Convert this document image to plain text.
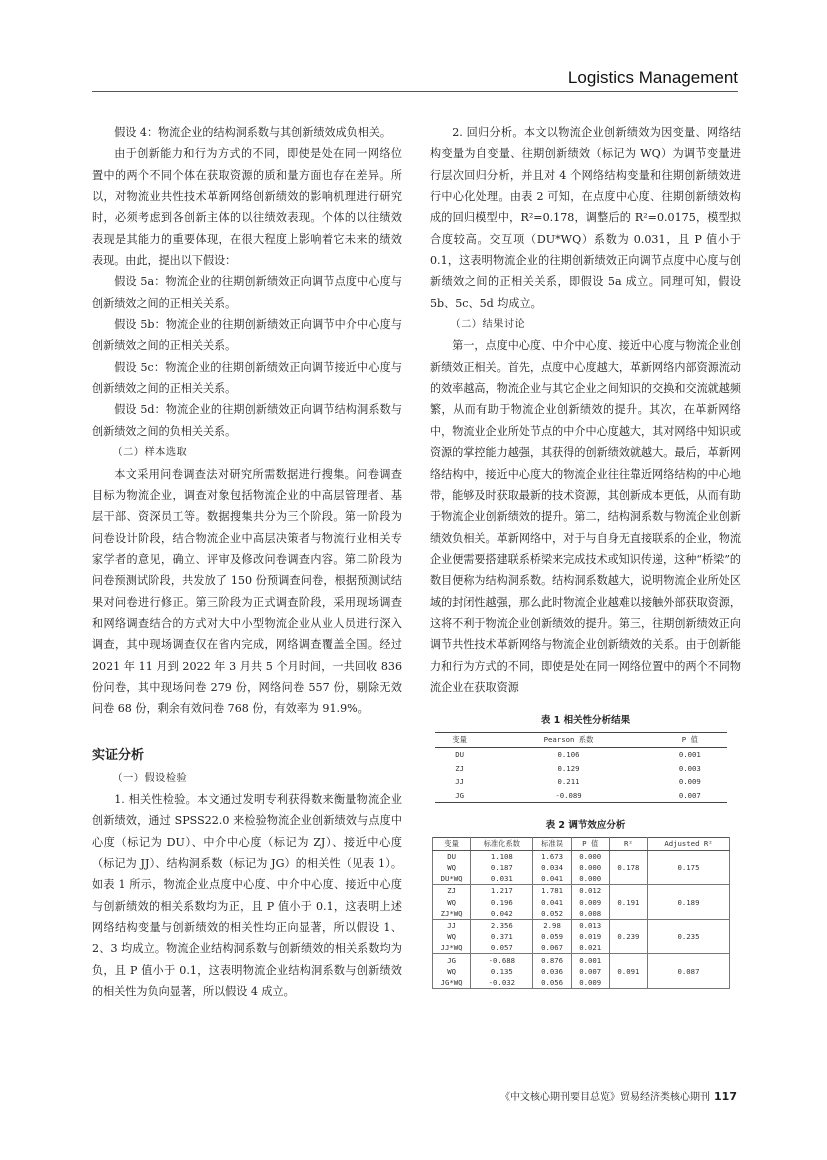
Logistics Management

假设 4：物流企业的结构洞系数与其创新绩效成负相关。

由于创新能力和行为方式的不同，即使是处在同一网络位置中的两个不同个体在获取资源的质和量方面也存在差异。所以，对物流业共性技术革新网络创新绩效的影响机理进行研究时，必须考虑到各创新主体的以往绩效表现。个体的以往绩效表现是其能力的重要体现，在很大程度上影响着它未来的绩效表现。由此，提出以下假设：

假设 5a：物流企业的往期创新绩效正向调节点度中心度与创新绩效之间的正相关关系。

假设 5b：物流企业的往期创新绩效正向调节中介中心度与创新绩效之间的正相关关系。

假设 5c：物流企业的往期创新绩效正向调节接近中心度与创新绩效之间的正相关关系。

假设 5d：物流企业的往期创新绩效正向调节结构洞系数与创新绩效之间的负相关关系。

（二）样本选取

本文采用问卷调查法对研究所需数据进行搜集。问卷调查目标为物流企业，调查对象包括物流企业的中高层管理者、基层干部、资深员工等。数据搜集共分为三个阶段。第一阶段为问卷设计阶段，结合物流企业中高层决策者与物流行业相关专家学者的意见，确立、评审及修改问卷调查内容。第二阶段为问卷预测试阶段，共发放了 150 份预调查问卷，根据预测试结果对问卷进行修正。第三阶段为正式调查阶段，采用现场调查和网络调查结合的方式对大中小型物流企业从业人员进行深入调查，其中现场调查仅在省内完成，网络调查覆盖全国。经过 2021 年 11 月到 2022 年 3 月共 5 个月时间，一共回收 836 份问卷，其中现场问卷 279 份，网络问卷 557 份，剔除无效问卷 68 份，剩余有效问卷 768 份，有效率为 91.9%。

实证分析

（一）假设检验

1. 相关性检验。本文通过发明专利获得数来衡量物流企业创新绩效，通过 SPSS22.0 来检验物流企业创新绩效与点度中心度（标记为 DU）、中介中心度（标记为 ZJ）、接近中心度（标记为 JJ）、结构洞系数（标记为 JG）的相关性（见表 1）。如表 1 所示，物流企业点度中心度、中介中心度、接近中心度与创新绩效的相关系数均为正，且 P 值小于 0.1，这表明上述网络结构变量与创新绩效的相关性均正向显著，所以假设 1、2、3 均成立。物流企业结构洞系数与创新绩效的相关系数均为负，且 P 值小于 0.1，这表明物流企业结构洞系数与创新绩效的相关性为负向显著，所以假设 4 成立。

2. 回归分析。本文以物流企业创新绩效为因变量、网络结构变量为自变量、往期创新绩效（标记为 WQ）为调节变量进行层次回归分析，并且对 4 个网络结构变量和往期创新绩效进行中心化处理。由表 2 可知，在点度中心度、往期创新绩效构成的回归模型中，R²=0.178，调整后的 R²=0.0175，模型拟合度较高。交互项（DU*WQ）系数为 0.031，且 P 值小于 0.1，这表明物流企业的往期创新绩效正向调节点度中心度与创新绩效之间的正相关关系，即假设 5a 成立。同理可知，假设 5b、5c、5d 均成立。

（二）结果讨论

第一，点度中心度、中介中心度、接近中心度与物流企业创新绩效正相关。首先，点度中心度越大，革新网络内部资源流动的效率越高，物流企业与其它企业之间知识的交换和交流就越频繁，从而有助于物流企业创新绩效的提升。其次，在革新网络中，物流业企业所处节点的中介中心度越大，其对网络中知识或资源的掌控能力越强，其获得的创新绩效就越大。最后，革新网络结构中，接近中心度大的物流企业往往靠近网络结构的中心地带，能够及时获取最新的技术资源，其创新成本更低，从而有助于物流企业创新绩效的提升。第二，结构洞系数与物流企业创新绩效负相关。革新网络中，对于与自身无直接联系的企业，物流企业便需要搭建联系桥梁来完成技术或知识传递，这种“桥梁”的数目便称为结构洞系数。结构洞系数越大，说明物流企业所处区域的封闭性越强，那么此时物流企业越难以接触外部获取资源，这将不利于物流企业创新绩效的提升。第三，往期创新绩效正向调节共性技术革新网络与物流企业创新绩效的关系。由于创新能力和行为方式的不同，即使是处在同一网络位置中的两个不同物流企业在获取资源

表 1 相关性分析结果
变量	Pearson 系数	P 值
DU	0.106	0.001
ZJ	0.129	0.003
JJ	0.211	0.009
JG	-0.089	0.007
表 2 调节效应分析
变量	标准化系数	标准误	P 值	R²	Adjusted R²
DU	1.108	1.673	0.000	0.178	0.175
WQ	0.187	0.034	0.000		
DU*WQ	0.031	0.041	0.000		
ZJ	1.217	1.781	0.012	0.191	0.189
WQ	0.196	0.041	0.009		
ZJ*WQ	0.042	0.052	0.008		
JJ	2.356	2.98	0.013	0.239	0.235
WQ	0.371	0.059	0.019		
JJ*WQ	0.057	0.067	0.021		
JG	-0.688	0.876	0.001	0.091	0.087
WQ	0.135	0.036	0.007		
JG*WQ	-0.032	0.056	0.009		
《中文核心期刊要目总览》贸易经济类核心期刊 117
